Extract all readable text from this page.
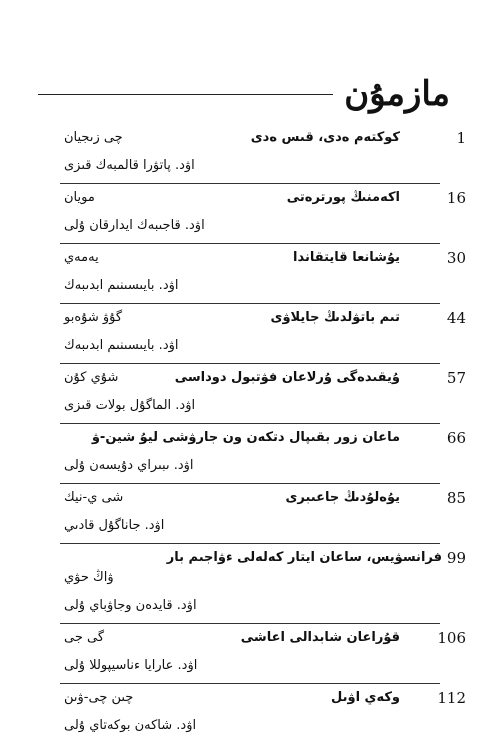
مازمۇن
1
كوكتەم ەدى، قىس ەدى
چى زىجيان
اۋد. پاتۋرا قالمبەك قىزى
16
اكەمنىڭ پورترەتى
مويان
اۋد. قاجىبەك ايدارقان ۇلى
30
يۇشانعا قايتقاندا
يەمەي
اۋد. بايىسىنىم ابدىبەك
44
تىم باتۋلدىڭ جايلاۋى
گۇۋ شۇەبو
اۋد. بايىسىنىم ابدىبەك
57
ۇيقىدەگى ۇرلاعان فۋتبول دوداسى
شۇي كۇن
اۋد. الماگۇل بولات قىزى
66
ماعان زور بقىپال دتكەن ون جارۋشى ليۇ شين-ۋ
اۋد. ىبىراي دۇيسەن ۇلى
85
يۇەلۇدىڭ جاعىبرى
شى ي-نيك
اۋد. جاناگۇل قادىي
99
فرانسۋيس، ساعان ايتار كەلەلى ءۋاجىم بار
ۋاڭ حۋي
اۋد. قايدەن وجاۋباي ۇلى
106
قۇراعان شابدالى اعاشى
گى جى
اۋد. عارايا ءناسيپوللا ۇلى
112
وكەي اۋىل
چىن چى-ۋىن
اۋد. شاكەن بوكەتاي ۇلى
